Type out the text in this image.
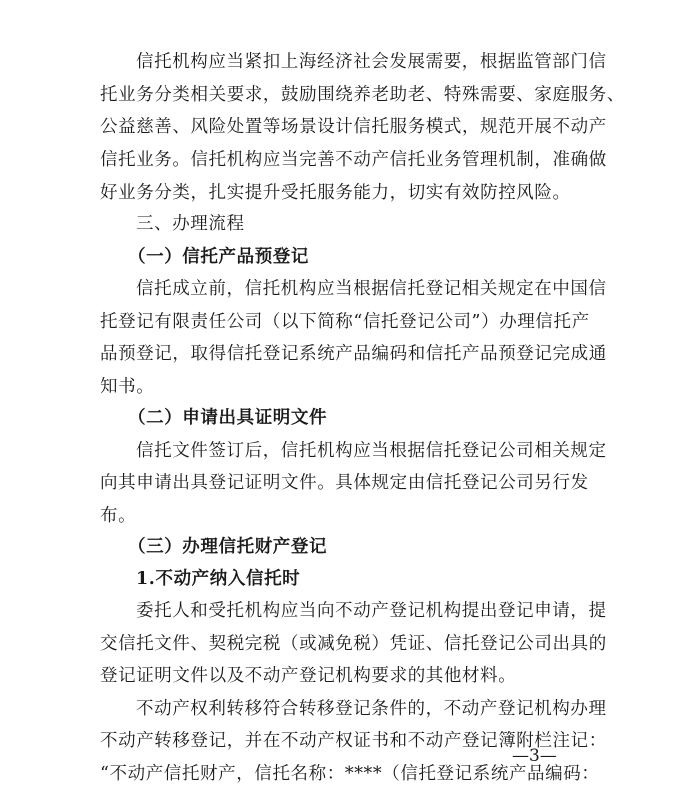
信托机构应当紧扣上海经济社会发展需要，根据监管部门信
托业务分类相关要求，鼓励围绕养老助老、特殊需要、家庭服务、
公益慈善、风险处置等场景设计信托服务模式，规范开展不动产
信托业务。信托机构应当完善不动产信托业务管理机制，准确做
好业务分类，扎实提升受托服务能力，切实有效防控风险。
三、办理流程
（一）信托产品预登记
信托成立前，信托机构应当根据信托登记相关规定在中国信
托登记有限责任公司（以下简称“信托登记公司”）办理信托产
品预登记，取得信托登记系统产品编码和信托产品预登记完成通
知书。
（二）申请出具证明文件
信托文件签订后，信托机构应当根据信托登记公司相关规定
向其申请出具登记证明文件。具体规定由信托登记公司另行发
布。
（三）办理信托财产登记
1.不动产纳入信托时
委托人和受托机构应当向不动产登记机构提出登记申请，提
交信托文件、契税完税（或减免税）凭证、信托登记公司出具的
登记证明文件以及不动产登记机构要求的其他材料。
不动产权利转移符合转移登记条件的，不动产登记机构办理
不动产转移登记，并在不动产权证书和不动产登记簿附栏注记：
“不动产信托财产，信托名称：****（信托登记系统产品编码：
—3—
